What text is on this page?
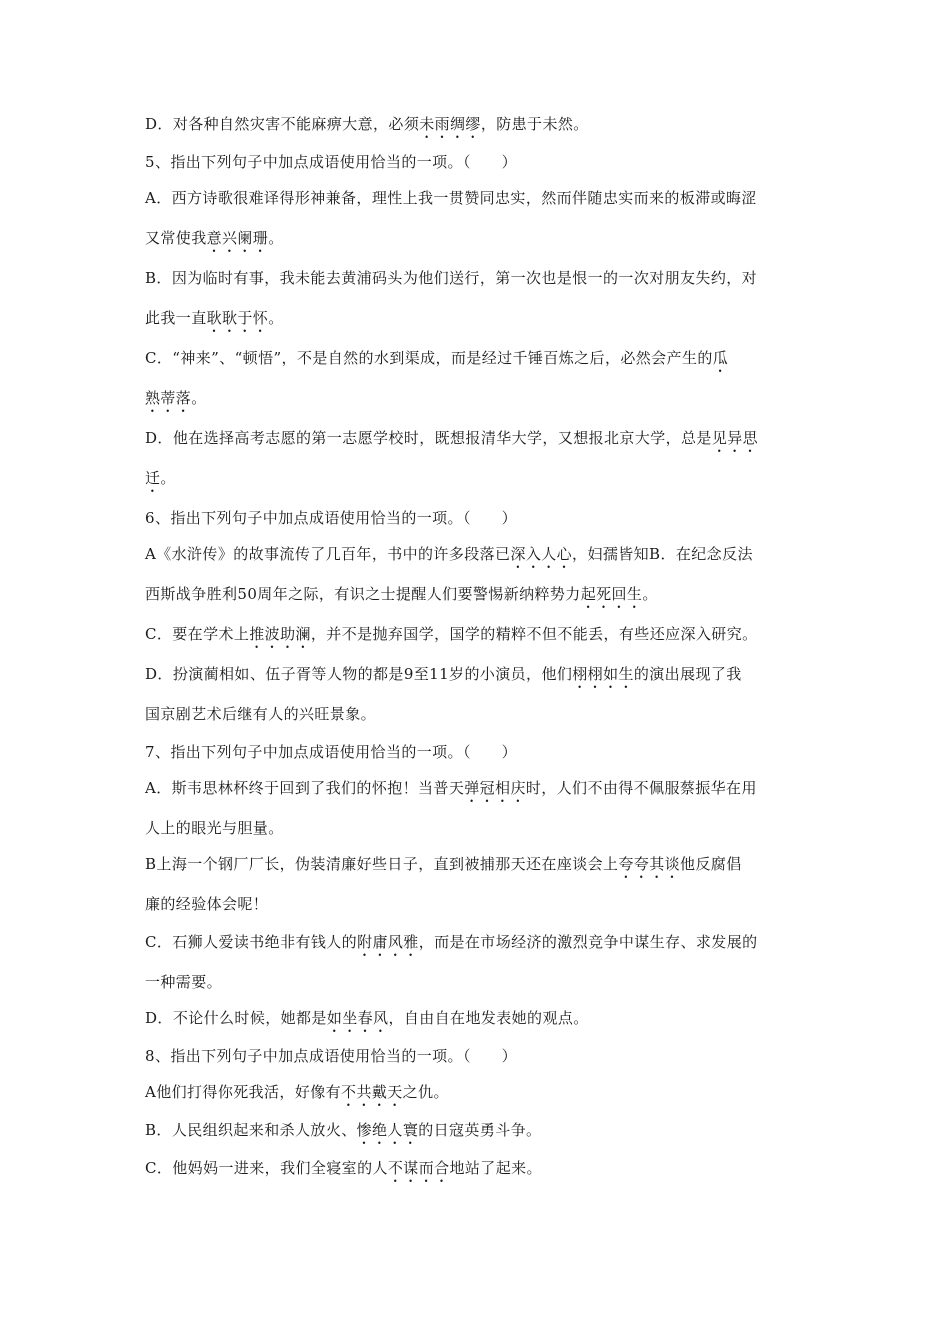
D．对各种自然灾害不能麻痹大意，必须未雨绸缪，防患于未然。
5、指出下列句子中加点成语使用恰当的一项。（　　）
A．西方诗歌很难译得形神兼备，理性上我一贯赞同忠实，然而伴随忠实而来的板滞或晦涩
又常使我意兴阑珊。
B．因为临时有事，我未能去黄浦码头为他们送行，第一次也是恨一的一次对朋友失约，对
此我一直耿耿于怀。
C．“神来”、“顿悟”，不是自然的水到渠成，而是经过千锤百炼之后，必然会产生的瓜
熟蒂落。
D．他在选择高考志愿的第一志愿学校时，既想报清华大学，又想报北京大学，总是见异思
迁。
6、指出下列句子中加点成语使用恰当的一项。（　　）
A《水浒传》的故事流传了几百年，书中的许多段落已深入人心，妇孺皆知B．在纪念反法
西斯战争胜利50周年之际，有识之士提醒人们要警惕新纳粹势力起死回生。
C．要在学术上推波助澜，并不是抛弃国学，国学的精粹不但不能丢，有些还应深入研究。
D．扮演蔺相如、伍子胥等人物的都是9至11岁的小演员，他们栩栩如生的演出展现了我
国京剧艺术后继有人的兴旺景象。
7、指出下列句子中加点成语使用恰当的一项。（　　）
A．斯韦思林杯终于回到了我们的怀抱！当普天弹冠相庆时，人们不由得不佩服蔡振华在用
人上的眼光与胆量。
B上海一个钢厂厂长，伪装清廉好些日子，直到被捕那天还在座谈会上夸夸其谈他反腐倡
廉的经验体会呢！
C．石狮人爱读书绝非有钱人的附庸风雅，而是在市场经济的激烈竞争中谋生存、求发展的
一种需要。
D．不论什么时候，她都是如坐春风，自由自在地发表她的观点。
8、指出下列句子中加点成语使用恰当的一项。（　　）
A他们打得你死我活，好像有不共戴天之仇。
B．人民组织起来和杀人放火、惨绝人寰的日寇英勇斗争。
C．他妈妈一进来，我们全寝室的人不谋而合地站了起来。
